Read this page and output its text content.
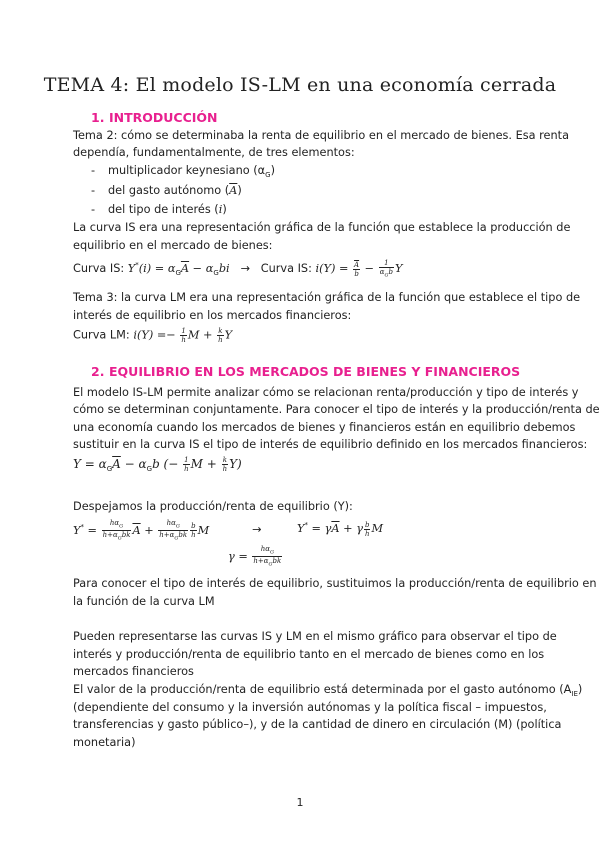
TEMA 4: El modelo IS-LM en una economía cerrada
1. INTRODUCCIÓN
Tema 2: cómo se determinaba la renta de equilibrio en el mercado de bienes. Esa renta
dependía, fundamentalmente, de tres elementos:
- multiplicador keynesiano $(\alpha_G)$
- del gasto autónomo $(\overline{A})$
- del tipo de interés (i)
La curva IS era una representación gráfica de la función que establece la producción de
equilibrio en el mercado de bienes:
Curva IS: $Y^*(i) = \alpha_G\overline{A} - \alpha_Gbi$   →   Curva IS: $i(Y) = \frac{\overline{A}}{b} - \frac{1}{\alpha_Gb}$ Y
Tema 3: la curva LM era una representación gráfica de la función que establece el tipo de
interés de equilibrio en los mercados financieros:
Curva LM: $i(Y) =- \frac{1}{h}$ $M + \frac{k}{h}$ Y
2. EQUILIBRIO EN LOS MERCADOS DE BIENES Y FINANCIEROS
El modelo IS-LM permite analizar cómo se relacionan renta/producción y tipo de interés y
cómo se determinan conjuntamente. Para conocer el tipo de interés y la producción/renta de
una economía cuando los mercados de bienes y financieros están en equilibrio debemos
sustituir en la curva IS el tipo de interés de equilibrio definido en los mercados financieros:
$Y = \alpha_G\overline{A} - \alpha_Gb$ (− $\frac{1}{h}$ $M + \frac{k}{h} Y$)
Despejamos la producción/renta de equilibrio (Y):
$Y^* = \frac{h\alpha_G}{h+\alpha_Gbk} \overline{A} + \frac{h\alpha_G}{h+\alpha_Gbk} \frac{b}{h}$ M	→	$Y^* = \gamma\overline{A} + \gamma \frac{b}{h}$ M
$\gamma = \frac{h\alpha_G}{h+\alpha_Gbk}$
Para conocer el tipo de interés de equilibrio, sustituimos la producción/renta de equilibrio en
la función de la curva LM
Pueden representarse las curvas IS y LM en el mismo gráfico para observar el tipo de
interés y producción/renta de equilibrio tanto en el mercado de bienes como en los
mercados financieros
El valor de la producción/renta de equilibrio está determinada por el gasto autónomo $(A_{IE})$
(dependiente del consumo y la inversión autónomas y la política fiscal – impuestos,
transferencias y gasto público–), y de la cantidad de dinero en circulación (M) (política
monetaria)
1
